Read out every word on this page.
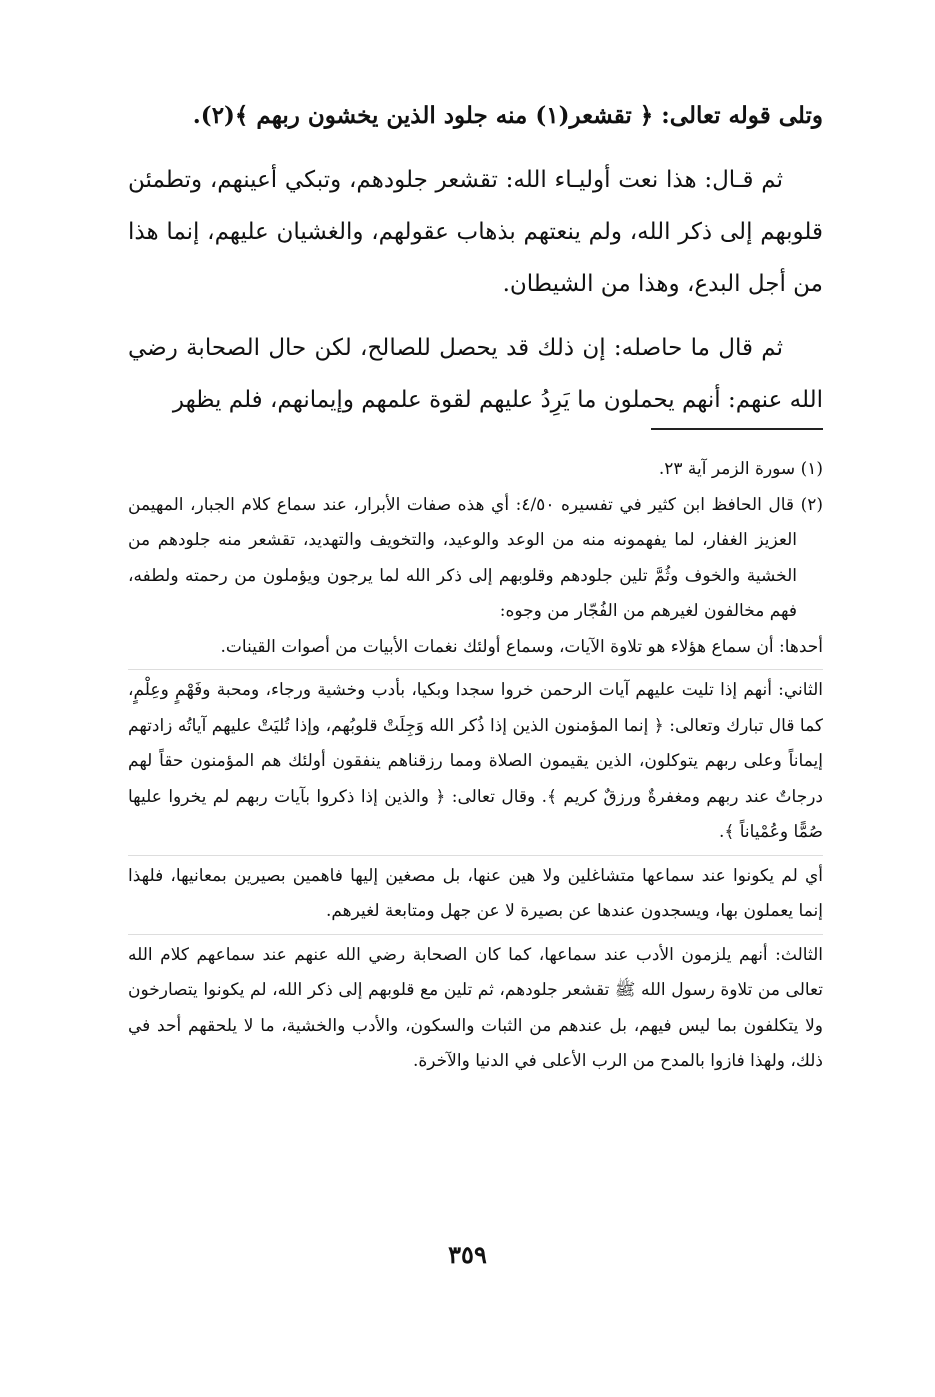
وتلى قوله تعالى: ﴿ تقشعر(١) منه جلود الذين يخشون ربهم ﴾(٢).

ثم قـال: هذا نعت أوليـاء الله: تقشعر جلودهم، وتبكي أعينهم، وتطمئن قلوبهم إلى ذكر الله، ولم ينعتهم بذهاب عقولهم، والغشيان عليهم، إنما هذا من أجل البدع، وهذا من الشيطان.

ثم قال ما حاصله: إن ذلك قد يحصل للصالح، لكن حال الصحابة رضي الله عنهم: أنهم يحملون ما يَرِدُ عليهم لقوة علمهم وإيمانهم، فلم يظهر

(١) سورة الزمر آية ٢٣.

(٢) قال الحافظ ابن كثير في تفسيره ٤/٥٠: أي هذه صفات الأبرار، عند سماع كلام الجبار، المهيمن العزيز الغفار، لما يفهمونه منه من الوعد والوعيد، والتخويف والتهديد، تقشعر منه جلودهم من الخشية والخوف وثُمَّ تلين جلودهم وقلوبهم إلى ذكر الله لما يرجون ويؤملون من رحمته ولطفه، فهم مخالفون لغيرهم من الفُجّار من وجوه:

أحدها: أن سماع هؤلاء هو تلاوة الآيات، وسماع أولئك نغمات الأبيات من أصوات القينات.

الثاني: أنهم إذا تليت عليهم آيات الرحمن خروا سجدا وبكيا، بأدب وخشية ورجاء، ومحبة وفَهْمٍ وعِلْمٍ، كما قال تبارك وتعالى: ﴿ إنما المؤمنون الذين إذا ذُكر الله وَجِلَتْ قلوبُهم، وإذا تُليَتْ عليهم آياتُه زادتهم إيماناً وعلى ربهم يتوكلون، الذين يقيمون الصلاة ومما رزقناهم ينفقون أولئك هم المؤمنون حقاً لهم درجاتٌ عند ربهم ومغفرةٌ ورزقٌ كريم ﴾. وقال تعالى: ﴿ والذين إذا ذكروا بآيات ربهم لم يخروا عليها صُمًّا وعُمْياناً ﴾.

أي لم يكونوا عند سماعها متشاغلين ولا هين عنها، بل مصغين إليها فاهمين بصيرين بمعانيها، فلهذا إنما يعملون بها، ويسجدون عندها عن بصيرة لا عن جهل ومتابعة لغيرهم.

الثالث: أنهم يلزمون الأدب عند سماعها، كما كان الصحابة رضي الله عنهم عند سماعهم كلام الله تعالى من تلاوة رسول الله ﷺ تقشعر جلودهم، ثم تلين مع قلوبهم إلى ذكر الله، لم يكونوا يتصارخون ولا يتكلفون بما ليس فيهم، بل عندهم من الثبات والسكون، والأدب والخشية، ما لا يلحقهم أحد في ذلك، ولهذا فازوا بالمدح من الرب الأعلى في الدنيا والآخرة.

٣٥٩
